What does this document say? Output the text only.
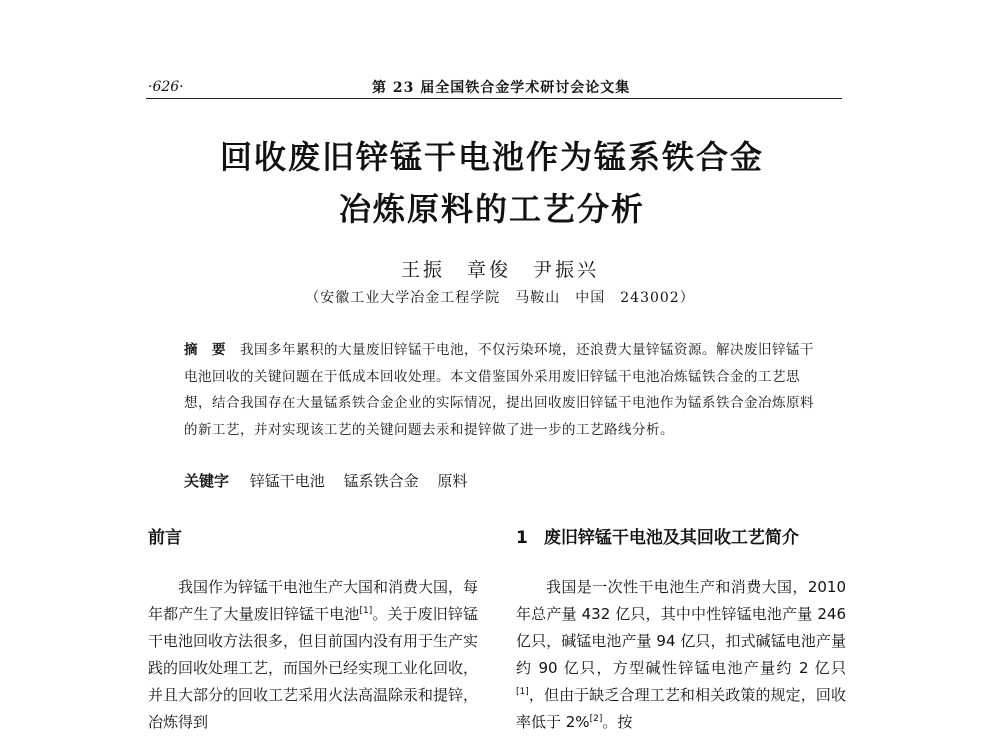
·626·	第 23 届全国铁合金学术研讨会论文集
回收废旧锌锰干电池作为锰系铁合金
冶炼原料的工艺分析
王振　章俊　尹振兴
（安徽工业大学冶金工程学院　马鞍山　中国　243002）
摘　要 我国多年累积的大量废旧锌锰干电池，不仅污染环境，还浪费大量锌锰资源。解决废旧锌锰干电池回收的关键问题在于低成本回收处理。本文借鉴国外采用废旧锌锰干电池冶炼锰铁合金的工艺思想，结合我国存在大量锰系铁合金企业的实际情况，提出回收废旧锌锰干电池作为锰系铁合金冶炼原料的新工艺，并对实现该工艺的关键问题去汞和提锌做了进一步的工艺路线分析。
关键字 锌锰干电池 锰系铁合金 原料
前言	1 废旧锌锰干电池及其回收工艺简介

我国作为锌锰干电池生产大国和消费大国，每年都产生了大量废旧锌锰干电池[1]。关于废旧锌锰干电池回收方法很多，但目前国内没有用于生产实践的回收处理工艺，而国外已经实现工业化回收，并且大部分的回收工艺采用火法高温除汞和提锌，冶炼得到

我国是一次性干电池生产和消费大国，2010 年总产量 432 亿只，其中中性锌锰电池产量 246 亿只，碱锰电池产量 94 亿只，扣式碱锰电池产量约 90 亿只，方型碱性锌锰电池产量约 2 亿只[1]，但由于缺乏合理工艺和相关政策的规定，回收率低于 2%[2]。按
